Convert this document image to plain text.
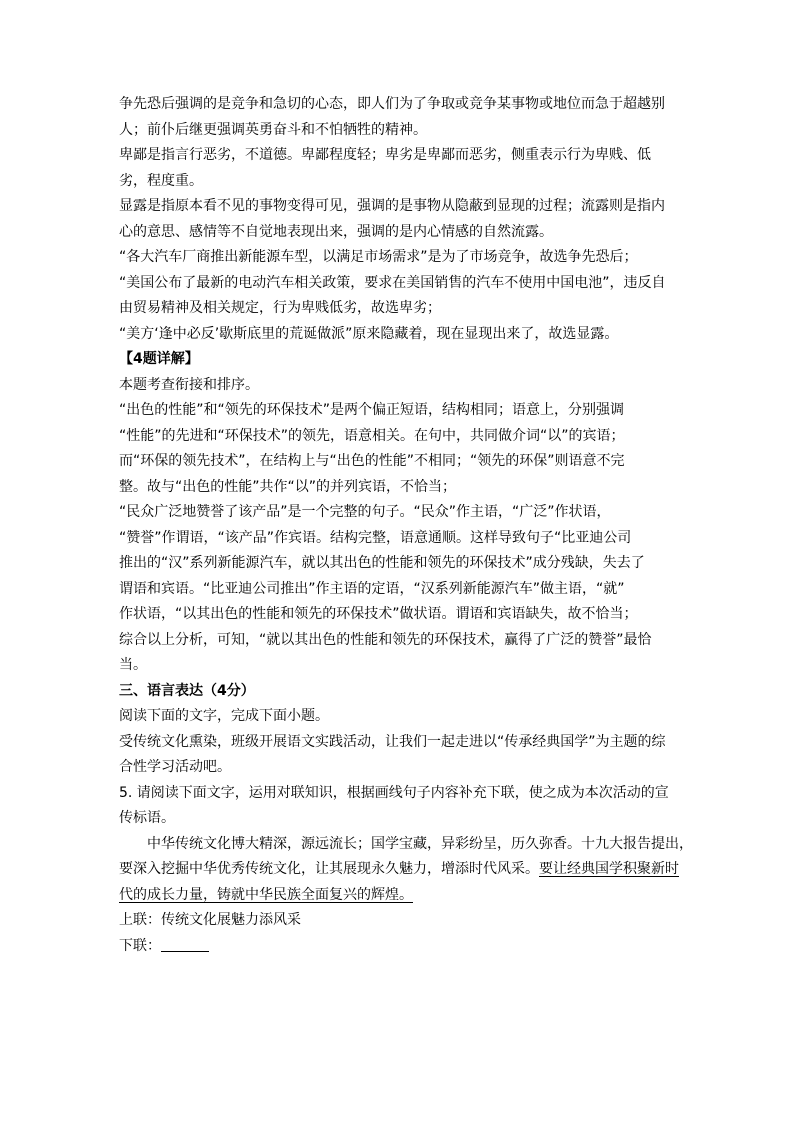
争先恐后强调的是竞争和急切的心态，即人们为了争取或竞争某事物或地位而急于超越别
人；前仆后继更强调英勇奋斗和不怕牺牲的精神。
卑鄙是指言行恶劣，不道德。卑鄙程度轻；卑劣是卑鄙而恶劣，侧重表示行为卑贱、低
劣，程度重。
显露是指原本看不见的事物变得可见，强调的是事物从隐蔽到显现的过程；流露则是指内
心的意思、感情等不自觉地表现出来，强调的是内心情感的自然流露。
“各大汽车厂商推出新能源车型，以满足市场需求”是为了市场竞争，故选争先恐后；
“美国公布了最新的电动汽车相关政策，要求在美国销售的汽车不使用中国电池”，违反自
由贸易精神及相关规定，行为卑贱低劣，故选卑劣；
“美方‘逢中必反’歇斯底里的荒诞做派”原来隐藏着，现在显现出来了，故选显露。
【4题详解】
本题考查衔接和排序。
“出色的性能”和“领先的环保技术”是两个偏正短语，结构相同；语意上，分别强调
“性能”的先进和“环保技术”的领先，语意相关。在句中，共同做介词“以”的宾语；
而“环保的领先技术”，在结构上与“出色的性能”不相同；“领先的环保”则语意不完
整。故与“出色的性能”共作“以”的并列宾语，不恰当；
“民众广泛地赞誉了该产品”是一个完整的句子。“民众”作主语，“广泛”作状语，
“赞誉”作谓语，“该产品”作宾语。结构完整，语意通顺。这样导致句子“比亚迪公司
推出的“汉”系列新能源汽车，就以其出色的性能和领先的环保技术”成分残缺，失去了
谓语和宾语。“比亚迪公司推出”作主语的定语，“汉系列新能源汽车”做主语，“就”
作状语，“以其出色的性能和领先的环保技术”做状语。谓语和宾语缺失，故不恰当；
综合以上分析，可知，“就以其出色的性能和领先的环保技术，赢得了广泛的赞誉”最恰
当。
三、语言表达（4分）
阅读下面的文字，完成下面小题。
受传统文化熏染，班级开展语文实践活动，让我们一起走进以“传承经典国学”为主题的综
合性学习活动吧。
5. 请阅读下面文字，运用对联知识，根据画线句子内容补充下联，使之成为本次活动的宣
传标语。
中华传统文化博大精深，源远流长；国学宝藏，异彩纷呈，历久弥香。十九大报告提出，
要深入挖掘中华优秀传统文化，让其展现永久魅力，增添时代风采。要让经典国学积聚新时
代的成长力量，铸就中华民族全面复兴的辉煌。
上联：传统文化展魅力添风采
下联：
